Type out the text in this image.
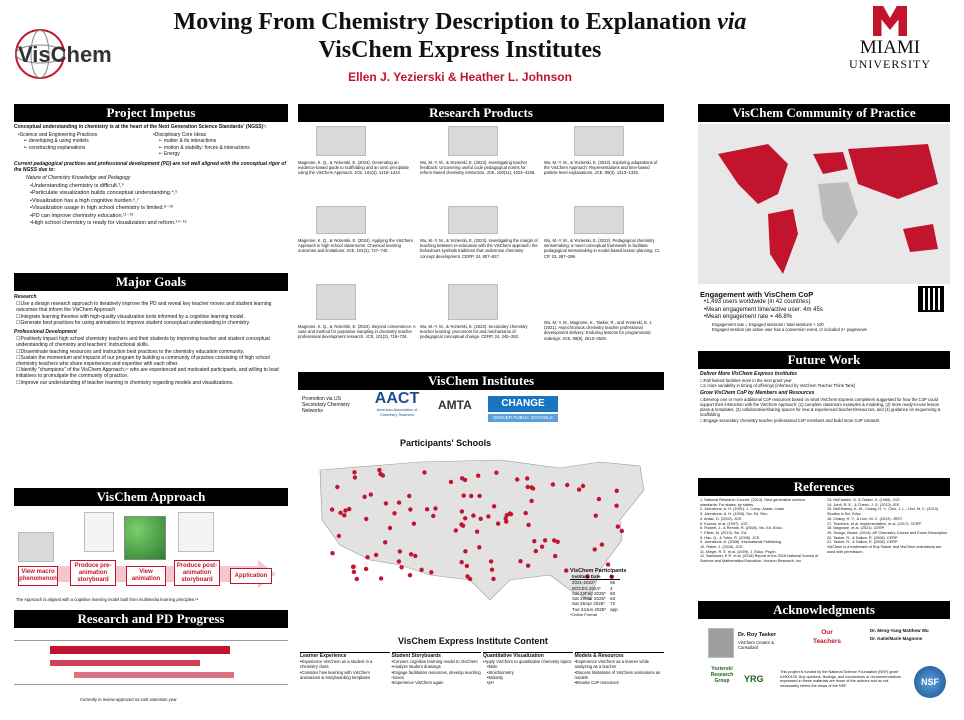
VisChem
Moving From Chemistry Description to Explanation via
VisChem Express Institutes
Ellen J. Yezierski & Heather L. Johnson
MIAMI
UNIVERSITY
Project Impetus
Conceptual understanding in chemistry is at the heart of the Next Generation Science Standards' (NGSS)¹:
• Science and Engineering Practices
• ◦ developing & using models
• ◦ constructing explanations
• Disciplinary Core Ideas
• ◦ matter & its interactions
• ◦ motion & stability: forces & interactions
• ◦ Energy
Current pedagogical practices and professional development (PD) are not well aligned with the conceptual rigor of the NGSS due to:
Nature of Chemistry Knowledge and Pedagogy
• Understanding chemistry is difficult.²,³
• Particulate visualization builds conceptual understanding.⁴,⁵
• Visualization has a high cognitive burden.⁶,⁷
• Visualization usage in high school chemistry is limited.⁸⁻¹⁰
• PD can improve chemistry education.¹¹⁻¹³
• High school chemistry is ready for visualization and reform.¹⁴⁻¹⁶
Major Goals
Research
☐ Use a design research approach to iteratively improve the PD and reveal key teacher moves and student learning outcomes that inform the VisChem Approach
☐ Integrate learning theories with high-quality visualization tools informed by a cognitive learning model.
☐ Generate best practices for using animations to improve student conceptual understanding in chemistry.
Professional Development
☐ Positively impact high school chemistry teachers and their students by improving teacher and student conceptual understanding of chemistry and teachers' instructional skills.
☐ Disseminate teaching resources and instruction best practices to the chemistry education community.
☐ Sustain the momentum and impacts of our program by building a community of practice consisting of high school chemistry teachers who share experiences and expertise with each other.
☐ Identify "champions" of the VisChem Approach,¹⁷ who are experienced and motivated participants, and willing to lead initiatives to promulgate the community of practice.
☐ Improve our understanding of teacher learning in chemistry regarding models and visualizations.
VisChem Approach
View macro phenomenon
Produce pre-animation storyboard
View animation
Produce post-animation storyboard
Application
The Approach is aligned with a cognitive learning model built from multimedia learning principles.¹⁸
Research and PD Progress
Currently in review-approved no-cost extension year
Research Products
Magnone, K. Q., & Yezierski, E. (2024). Generating an evidence-based guide to scaffolding and an ionic precipitate using the VisChem Approach. JCE, 101(4), 1418–1424.
Wu, M.-Y. M., & Yezierski, E. (2023). Investigating teacher feedback: Uncovering useful code pedagogical norms for reform-based chemistry instruction. JCE, 100(11), 4224–4236.
Wu, M.-Y. M., & Yezierski, E. (2022). Exploring adaptations of the VisChem Approach: Representations and time-based particle-level explanations. JCE, 99(3), 1313–1325.
Magnone, K. Q., & Yezierski, E. (2024). Applying the VisChem Approach in high school classrooms: Chemical learning outcomes and limitations. JCE, 101(3), 727–740.
Wu, M.-Y. M., & Yezierski, E. (2023). Investigating the margin of teaching between re-education with the VisChem approach: the behaviours symbols traditions that undermine chemistry concept development. CERP, 24, 807–827.
Wu, M.-Y. M., & Yezierski, E. (2022). Pedagogical chemistry sensemaking: a novel conceptual framework to facilitate pedagogical sensemaking in model-based lesson planning. CI, CP, 23, 287–299.
Magnone, K. Q., & Yezierski, E. (2024). Beyond convenience: A case and method for purposive sampling in chemistry teacher professional development research. JCE, 101(3), 718–726.
Wu, M.-Y. M., & Yezierski, E. (2023). Secondary chemistry teacher learning: precursors for and mechanisms of pedagogical conceptual change. CERP, 24, 245–262.
Wu, M.-Y. M., Magnone, K., Tasker, R., and Yezierski, E. J. (2021). Asynchronous chemistry teacher professional development delivery: Enduring lessons for programmatic redesign. JCE, 98(8), 2510–2528.
VisChem Institutes
Promotion via US Secondary Chemistry Networks
AACT
American Association of Chemistry Teachers
AMTA	CHANGE
DENVER PUBLIC SCHOOLS
Participants' Schools
VisChem Participants
Institute Date	N
2021-2022*	66
BOCES 2024*	4
Sat 22Feb 2025*	60
Sat 29Mar 2025*	63
Sat 26Apr 2025*	72
Tue 24Jun 2025*	app
*Online Format
VisChem Express Institute Content
Learner Experience
• Experience VisChem as a student in a chemistry class
• Consider how learning with VisChem animations & storyboarding templates
Student Storyboards
• Connect cognitive learning model to VisChem
• Analyze student drawings
• Engage facilitation resources, develop teaching moves
• Experience VisChem again
Quantitative Visualization
• Apply VisChem to quantitative chemistry topics
• Mole
• Stoichiometry
• Molarity
• pH
Models & Resources
• Experience VisChem as a learner while analyzing as a teacher
• Discuss limitations of VisChem animations as models
• Browse CoP resources
VisChem Community of Practice
Engagement with VisChem CoP
• 1,493 users worldwide (in 42 countries)
• Mean engagement time/active user: 4m 45s
• Mean engagement rate = 46.8%
Engagement rate = Engaged sessions / total sessions × 100
Engaged session (an active user has a conversion event, or included 2+ pageviews
Future Work
Deliver More VisChem Express Institutes
☐ Fall federal facilities more in the next grant year
☐ 1 more variability in timing of offerings (informed by VisChem Teacher Think Tank)
Grow VisChem CoP by Members and Resources
☐ Develop one or more additional CoP resources based on what VisChem Express completers suggested for how the CoP could support their instruction with the VisChem Approach: (1) complete classroom examples & modeling, (2) more ready-to-use lesson plans & templates, (3) collaborative/sharing spaces for new & experienced teachers/resources, and (4) guidance on sequencing & scaffolding
☐ Engage secondary chemistry teacher professional CoP members and build more CoP contacts
References
1. National Research Council. (2013). Next generation science standards: For states, by states.
2. Johnstone, A. H. (1991). J. Comp. Assist. Learn.
3. Johnstone, A. H. (1993). Sci. Ed. Rev.
4. Ardac, D. (2002). JCE.
5. Kozma, et al. (1997). JCE.
6. Rickert, J., & Rennie, R. (2008). Vis. Ed. Educ.
7. Elliott, M. (2013). Sci. Ed.
8. Hao, Q., & Tobin, R. (2008). JCE.
9. Johnstone, A. (2008). International Publishing.
10. Raker, J. (2016). JCE.
11. Mayer, R. E. et al. (2009). J. Educ. Psych.
12. Banilower, E.R. et al. (2018) Report of the 2018 National Survey of Science and Mathematics Education. Horizon Research, Inc.
13. McFadden, D. & Tasker, K. (1988). JCE.
14. Jordi, R. E., & Chesh, J. G. (2022). IEE.
15. McElhaney, K. W., Chang, H. Y., Chiu, J. L., Linn, M. C. (2014). Studies in Sci. Educ.
16. Chang, H. Y., & Linn, M. C. (2013). JRST.
17. Teachers, et al. Implementation, et al. (2017). CERP.
18. Magnone, et al. (2021). CERP.
19. Scrugs, Board. (2014). AP Chemistry Course and Exam Description.
20. Tasker, R., & Dalton, R. (2006). CERP.
21. Tasker, R., & Dalton, R. (2008). CERP.
VisChem is a trademark of Roy Tasker and VisChem animations are used with permission.
Acknowledgments
Dr. Roy Tasker
VisChem Creator & Consultant
Our Teachers
Dr. Meng-Yang Matthew Wu
Dr. Katie/Marie Magnone
Yezierski Research Group	YRG
This project is funded by the National Science Foundation (NSF) grant #1900126. Any opinions, findings, and conclusions or recommendations expressed in these materials are those of the authors and do not necessarily reflect the views of the NSF.	NSF
